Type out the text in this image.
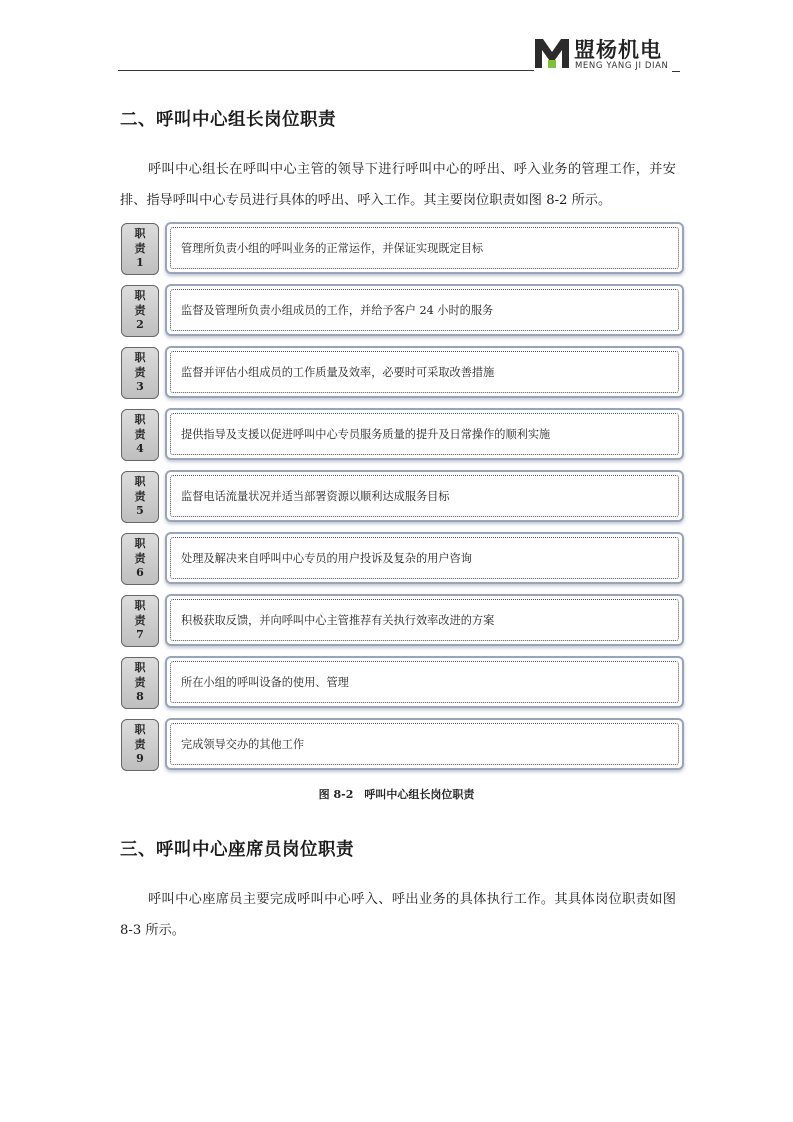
盟杨机电
MENG YANG JI DIAN
二、呼叫中心组长岗位职责

呼叫中心组长在呼叫中心主管的领导下进行呼叫中心的呼出、呼入业务的管理工作，并安排、指导呼叫中心专员进行具体的呼出、呼入工作。其主要岗位职责如图 8-2 所示。

职
责
1
管理所负责小组的呼叫业务的正常运作，并保证实现既定目标
职
责
2
监督及管理所负责小组成员的工作，并给予客户 24 小时的服务
职
责
3
监督并评估小组成员的工作质量及效率，必要时可采取改善措施
职
责
4
提供指导及支援以促进呼叫中心专员服务质量的提升及日常操作的顺利实施
职
责
5
监督电话流量状况并适当部署资源以顺利达成服务目标
职
责
6
处理及解决来自呼叫中心专员的用户投诉及复杂的用户咨询
职
责
7
积极获取反馈，并向呼叫中心主管推荐有关执行效率改进的方案
职
责
8
所在小组的呼叫设备的使用、管理
职
责
9
完成领导交办的其他工作
图 8-2　呼叫中心组长岗位职责
三、呼叫中心座席员岗位职责

呼叫中心座席员主要完成呼叫中心呼入、呼出业务的具体执行工作。其具体岗位职责如图 8-3 所示。
